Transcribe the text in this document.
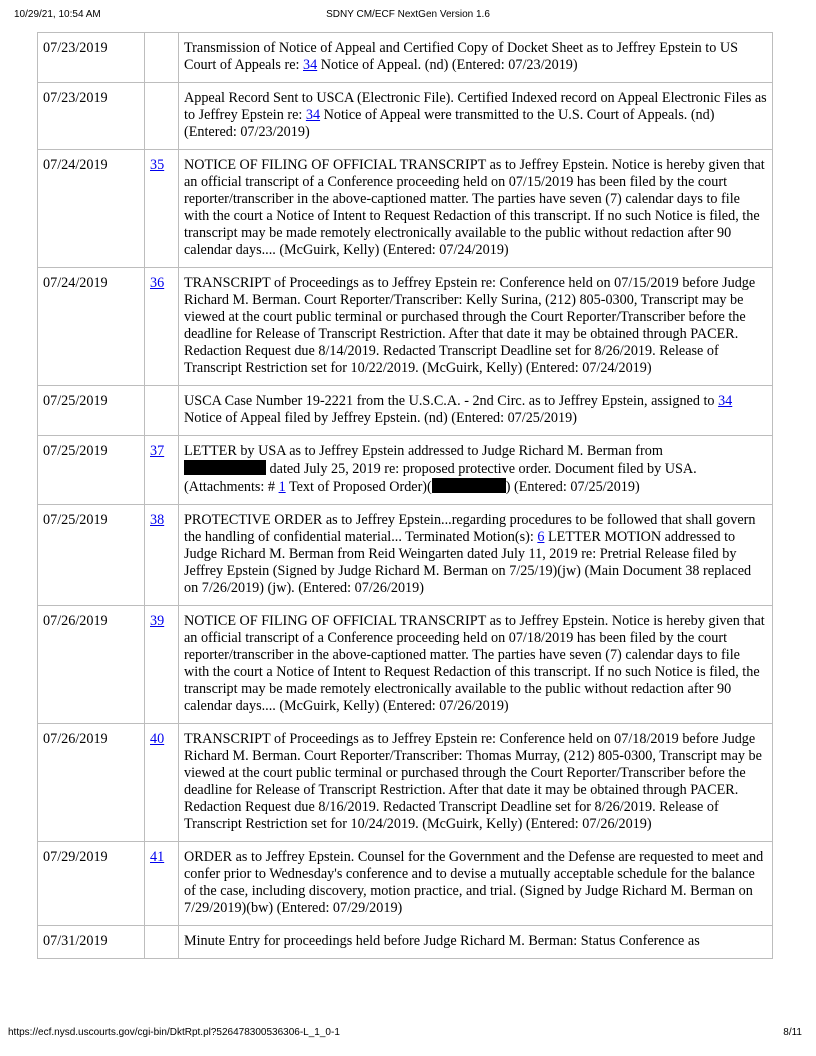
10/29/21, 10:54 AM	SDNY CM/ECF NextGen Version 1.6
07/23/2019		Transmission of Notice of Appeal and Certified Copy of Docket Sheet as to Jeffrey Epstein to US Court of Appeals re: 34 Notice of Appeal. (nd) (Entered: 07/23/2019)
07/23/2019		Appeal Record Sent to USCA (Electronic File). Certified Indexed record on Appeal Electronic Files as to Jeffrey Epstein re: 34 Notice of Appeal were transmitted to the U.S. Court of Appeals. (nd) (Entered: 07/23/2019)
07/24/2019	35	NOTICE OF FILING OF OFFICIAL TRANSCRIPT as to Jeffrey Epstein. Notice is hereby given that an official transcript of a Conference proceeding held on 07/15/2019 has been filed by the court reporter/transcriber in the above-captioned matter. The parties have seven (7) calendar days to file with the court a Notice of Intent to Request Redaction of this transcript. If no such Notice is filed, the transcript may be made remotely electronically available to the public without redaction after 90 calendar days.... (McGuirk, Kelly) (Entered: 07/24/2019)
07/24/2019	36	TRANSCRIPT of Proceedings as to Jeffrey Epstein re: Conference held on 07/15/2019 before Judge Richard M. Berman. Court Reporter/Transcriber: Kelly Surina, (212) 805-0300, Transcript may be viewed at the court public terminal or purchased through the Court Reporter/Transcriber before the deadline for Release of Transcript Restriction. After that date it may be obtained through PACER. Redaction Request due 8/14/2019. Redacted Transcript Deadline set for 8/26/2019. Release of Transcript Restriction set for 10/22/2019. (McGuirk, Kelly) (Entered: 07/24/2019)
07/25/2019		USCA Case Number 19-2221 from the U.S.C.A. - 2nd Circ. as to Jeffrey Epstein, assigned to 34 Notice of Appeal filed by Jeffrey Epstein. (nd) (Entered: 07/25/2019)
07/25/2019	37	LETTER by USA as to Jeffrey Epstein addressed to Judge Richard M. Berman from
dated July 25, 2019 re: proposed protective order. Document filed by USA. (Attachments: # 1 Text of Proposed Order)( ) (Entered: 07/25/2019)
07/25/2019	38	PROTECTIVE ORDER as to Jeffrey Epstein...regarding procedures to be followed that shall govern the handling of confidential material... Terminated Motion(s): 6 LETTER MOTION addressed to Judge Richard M. Berman from Reid Weingarten dated July 11, 2019 re: Pretrial Release filed by Jeffrey Epstein (Signed by Judge Richard M. Berman on 7/25/19)(jw) (Main Document 38 replaced on 7/26/2019) (jw). (Entered: 07/26/2019)
07/26/2019	39	NOTICE OF FILING OF OFFICIAL TRANSCRIPT as to Jeffrey Epstein. Notice is hereby given that an official transcript of a Conference proceeding held on 07/18/2019 has been filed by the court reporter/transcriber in the above-captioned matter. The parties have seven (7) calendar days to file with the court a Notice of Intent to Request Redaction of this transcript. If no such Notice is filed, the transcript may be made remotely electronically available to the public without redaction after 90 calendar days.... (McGuirk, Kelly) (Entered: 07/26/2019)
07/26/2019	40	TRANSCRIPT of Proceedings as to Jeffrey Epstein re: Conference held on 07/18/2019 before Judge Richard M. Berman. Court Reporter/Transcriber: Thomas Murray, (212) 805-0300, Transcript may be viewed at the court public terminal or purchased through the Court Reporter/Transcriber before the deadline for Release of Transcript Restriction. After that date it may be obtained through PACER. Redaction Request due 8/16/2019. Redacted Transcript Deadline set for 8/26/2019. Release of Transcript Restriction set for 10/24/2019. (McGuirk, Kelly) (Entered: 07/26/2019)
07/29/2019	41	ORDER as to Jeffrey Epstein. Counsel for the Government and the Defense are requested to meet and confer prior to Wednesday's conference and to devise a mutually acceptable schedule for the balance of the case, including discovery, motion practice, and trial. (Signed by Judge Richard M. Berman on 7/29/2019)(bw) (Entered: 07/29/2019)
07/31/2019		Minute Entry for proceedings held before Judge Richard M. Berman: Status Conference as
https://ecf.nysd.uscourts.gov/cgi-bin/DktRpt.pl?526478300536306-L_1_0-1	8/11
